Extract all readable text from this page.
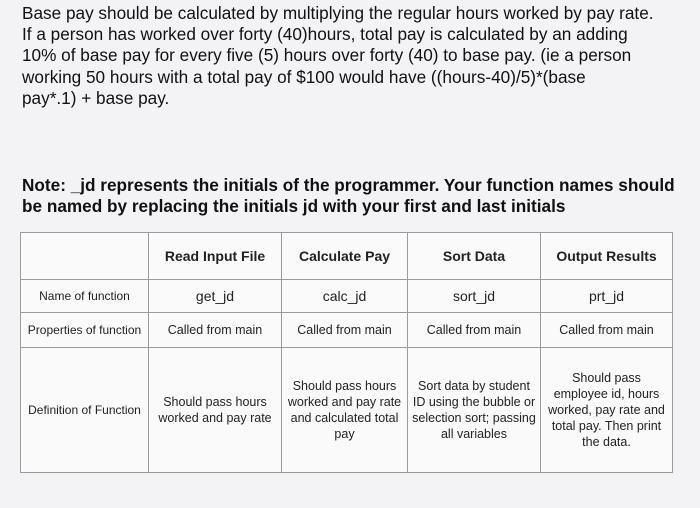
Base pay should be calculated by multiplying the regular hours worked by pay rate.
If a person has worked over forty (40)hours, total pay is calculated by an adding
10% of base pay for every five (5) hours over forty (40) to base pay. (ie a person
working 50 hours with a total pay of $100 would have ((hours-40)/5)*(base
pay*.1) + base pay.

Note: _jd represents the initials of the programmer. Your function names should
be named by replacing the initials jd with your first and last initials

	Read Input File	Calculate Pay	Sort Data	Output Results
Name of function	get_jd	calc_jd	sort_jd	prt_jd
Properties of function	Called from main	Called from main	Called from main	Called from main
Definition of Function	Should pass hours worked and pay rate	Should pass hours worked and pay rate and calculated total pay	Sort data by student ID using the bubble or selection sort; passing all variables	Should pass employee id, hours worked, pay rate and total pay. Then print the data.
